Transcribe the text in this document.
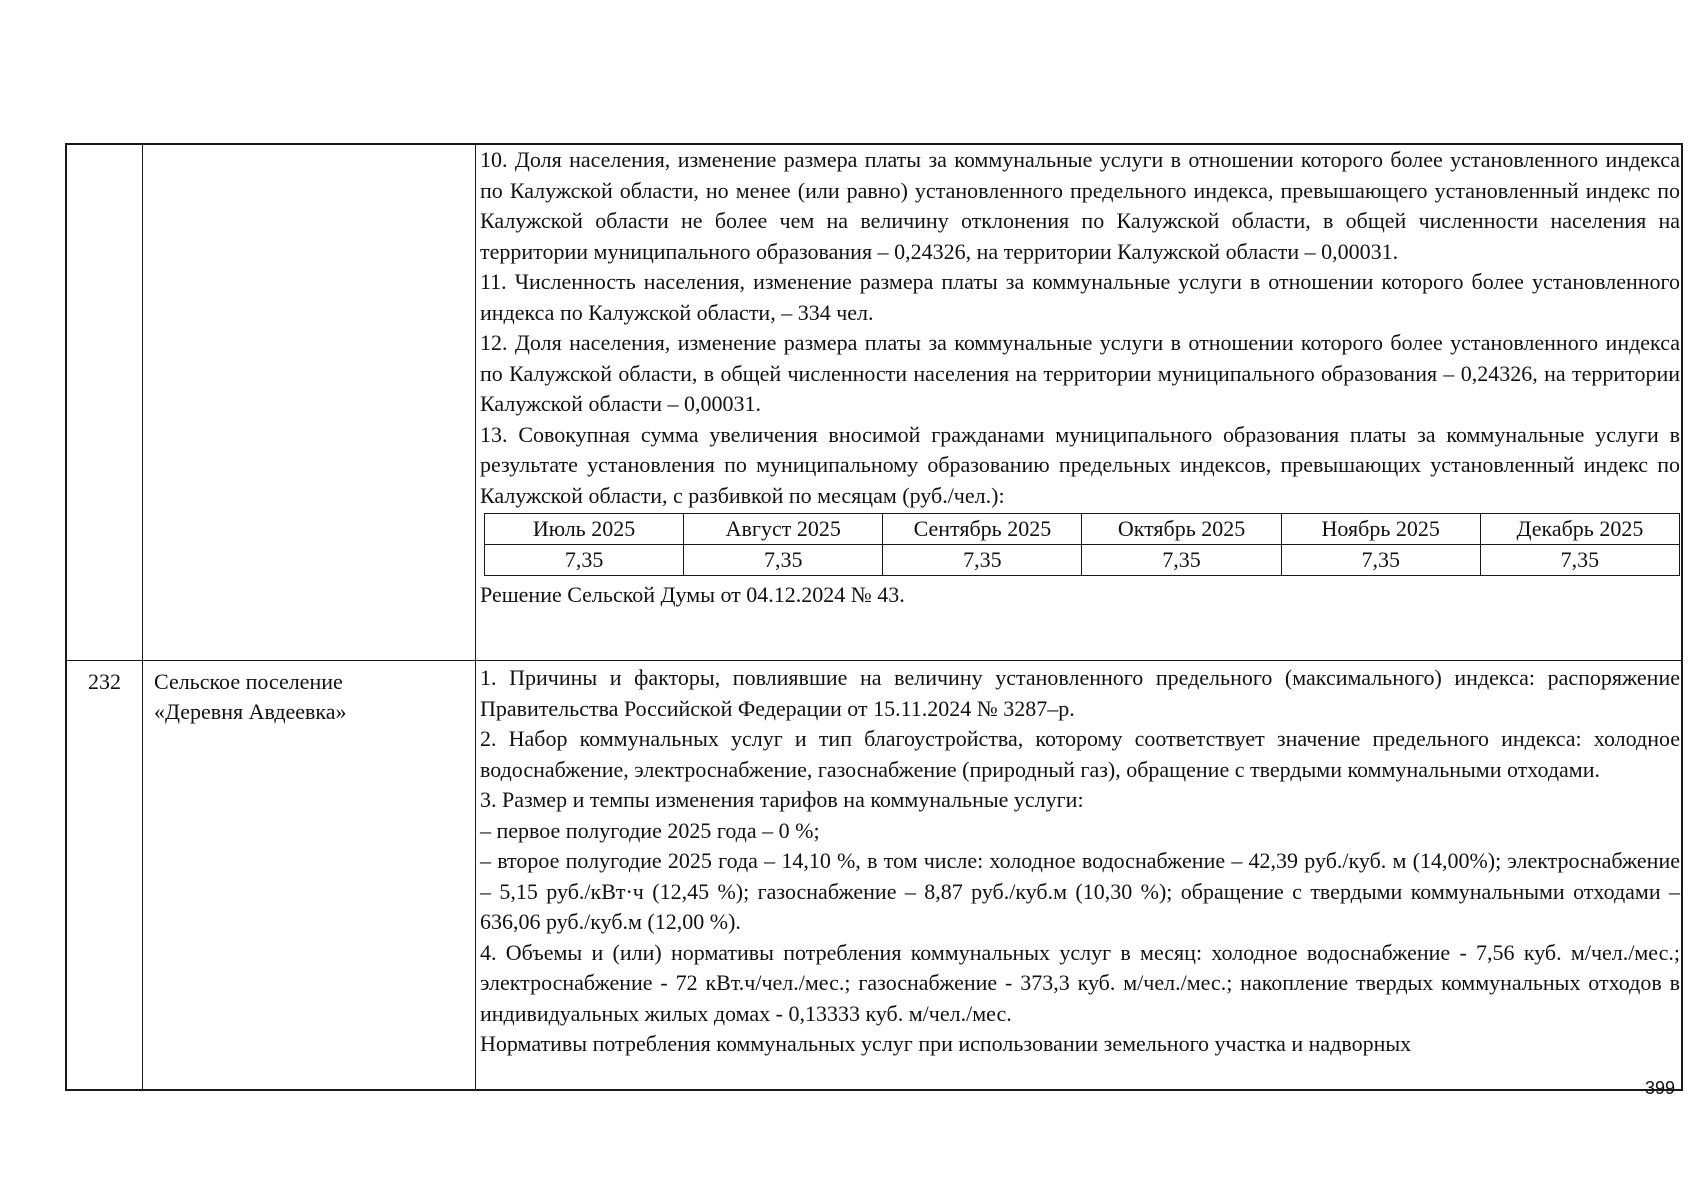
10. Доля населения, изменение размера платы за коммунальные услуги в отношении которого более установленного индекса по Калужской области, но менее (или равно) установленного предельного индекса, превышающего установленный индекс по Калужской области не более чем на величину отклонения по Калужской области, в общей численности населения на территории муниципального образования – 0,24326, на территории Калужской области – 0,00031.

11. Численность населения, изменение размера платы за коммунальные услуги в отношении которого более установленного индекса по Калужской области, – 334 чел.

12. Доля населения, изменение размера платы за коммунальные услуги в отношении которого более установленного индекса по Калужской области, в общей численности населения на территории муниципального образования – 0,24326, на территории Калужской области – 0,00031.

13. Совокупная сумма увеличения вносимой гражданами муниципального образования платы за коммунальные услуги в результате установления по муниципальному образованию предельных индексов, превышающих установленный индекс по Калужской области, с разбивкой по месяцам (руб./чел.):

Июль 2025	Август 2025	Сентябрь 2025	Октябрь 2025	Ноябрь 2025	Декабрь 2025
7,35	7,35	7,35	7,35	7,35	7,35

Решение Сельской Думы от 04.12.2024 № 43.

232	Сельское поселение
«Деревня Авдеевка»

1. Причины и факторы, повлиявшие на величину установленного предельного (максимального) индекса: распоряжение Правительства Российской Федерации от 15.11.2024 № 3287–р.

2. Набор коммунальных услуг и тип благоустройства, которому соответствует значение предельного индекса: холодное водоснабжение, электроснабжение, газоснабжение (природный газ), обращение с твердыми коммунальными отходами.

3. Размер и темпы изменения тарифов на коммунальные услуги:

– первое полугодие 2025 года – 0 %;

– второе полугодие 2025 года – 14,10 %, в том числе: холодное водоснабжение – 42,39 руб./куб. м (14,00%); электроснабжение – 5,15 руб./кВт·ч (12,45 %); газоснабжение – 8,87 руб./куб.м (10,30 %); обращение с твердыми коммунальными отходами – 636,06 руб./куб.м (12,00 %).

4. Объемы и (или) нормативы потребления коммунальных услуг в месяц: холодное водоснабжение - 7,56 куб. м/чел./мес.; электроснабжение - 72 кВт.ч/чел./мес.; газоснабжение - 373,3 куб. м/чел./мес.; накопление твердых коммунальных отходов в индивидуальных жилых домах - 0,13333 куб. м/чел./мес.

Нормативы потребления коммунальных услуг при использовании земельного участка и надворных

399
